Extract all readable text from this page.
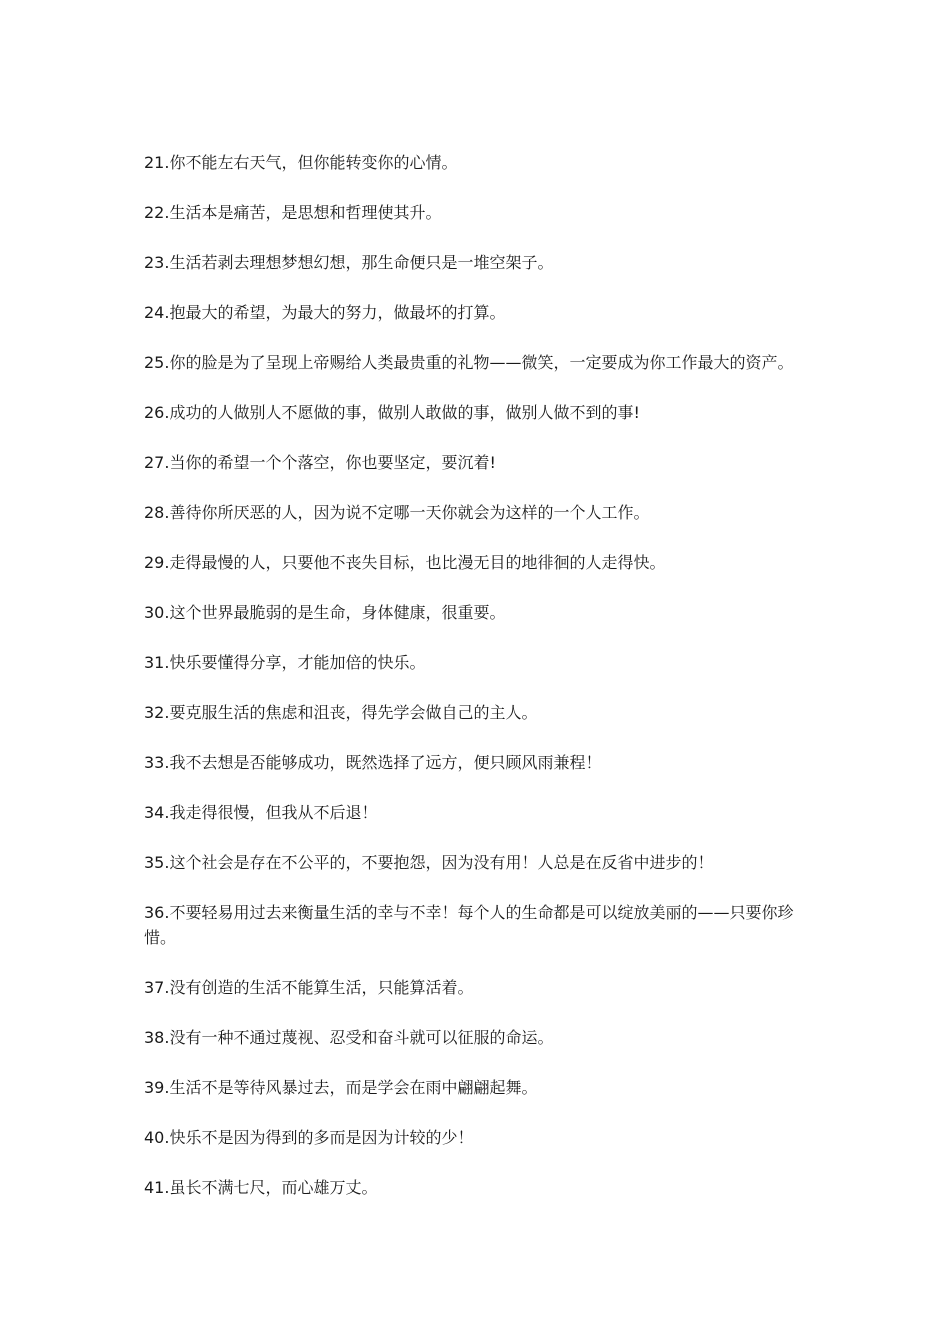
21.你不能左右天气，但你能转变你的心情。

22.生活本是痛苦，是思想和哲理使其升。

23.生活若剥去理想梦想幻想，那生命便只是一堆空架子。

24.抱最大的希望，为最大的努力，做最坏的打算。

25.你的脸是为了呈现上帝赐给人类最贵重的礼物——微笑，一定要成为你工作最大的资产。

26.成功的人做别人不愿做的事，做别人敢做的事，做别人做不到的事!

27.当你的希望一个个落空，你也要坚定，要沉着!

28.善待你所厌恶的人，因为说不定哪一天你就会为这样的一个人工作。

29.走得最慢的人，只要他不丧失目标，也比漫无目的地徘徊的人走得快。

30.这个世界最脆弱的是生命，身体健康，很重要。

31.快乐要懂得分享，才能加倍的快乐。

32.要克服生活的焦虑和沮丧，得先学会做自己的主人。

33.我不去想是否能够成功，既然选择了远方，便只顾风雨兼程！

34.我走得很慢，但我从不后退！

35.这个社会是存在不公平的，不要抱怨，因为没有用！人总是在反省中进步的！

36.不要轻易用过去来衡量生活的幸与不幸！每个人的生命都是可以绽放美丽的——只要你珍惜。

37.没有创造的生活不能算生活，只能算活着。

38.没有一种不通过蔑视、忍受和奋斗就可以征服的命运。

39.生活不是等待风暴过去，而是学会在雨中翩翩起舞。

40.快乐不是因为得到的多而是因为计较的少！

41.虽长不满七尺，而心雄万丈。
